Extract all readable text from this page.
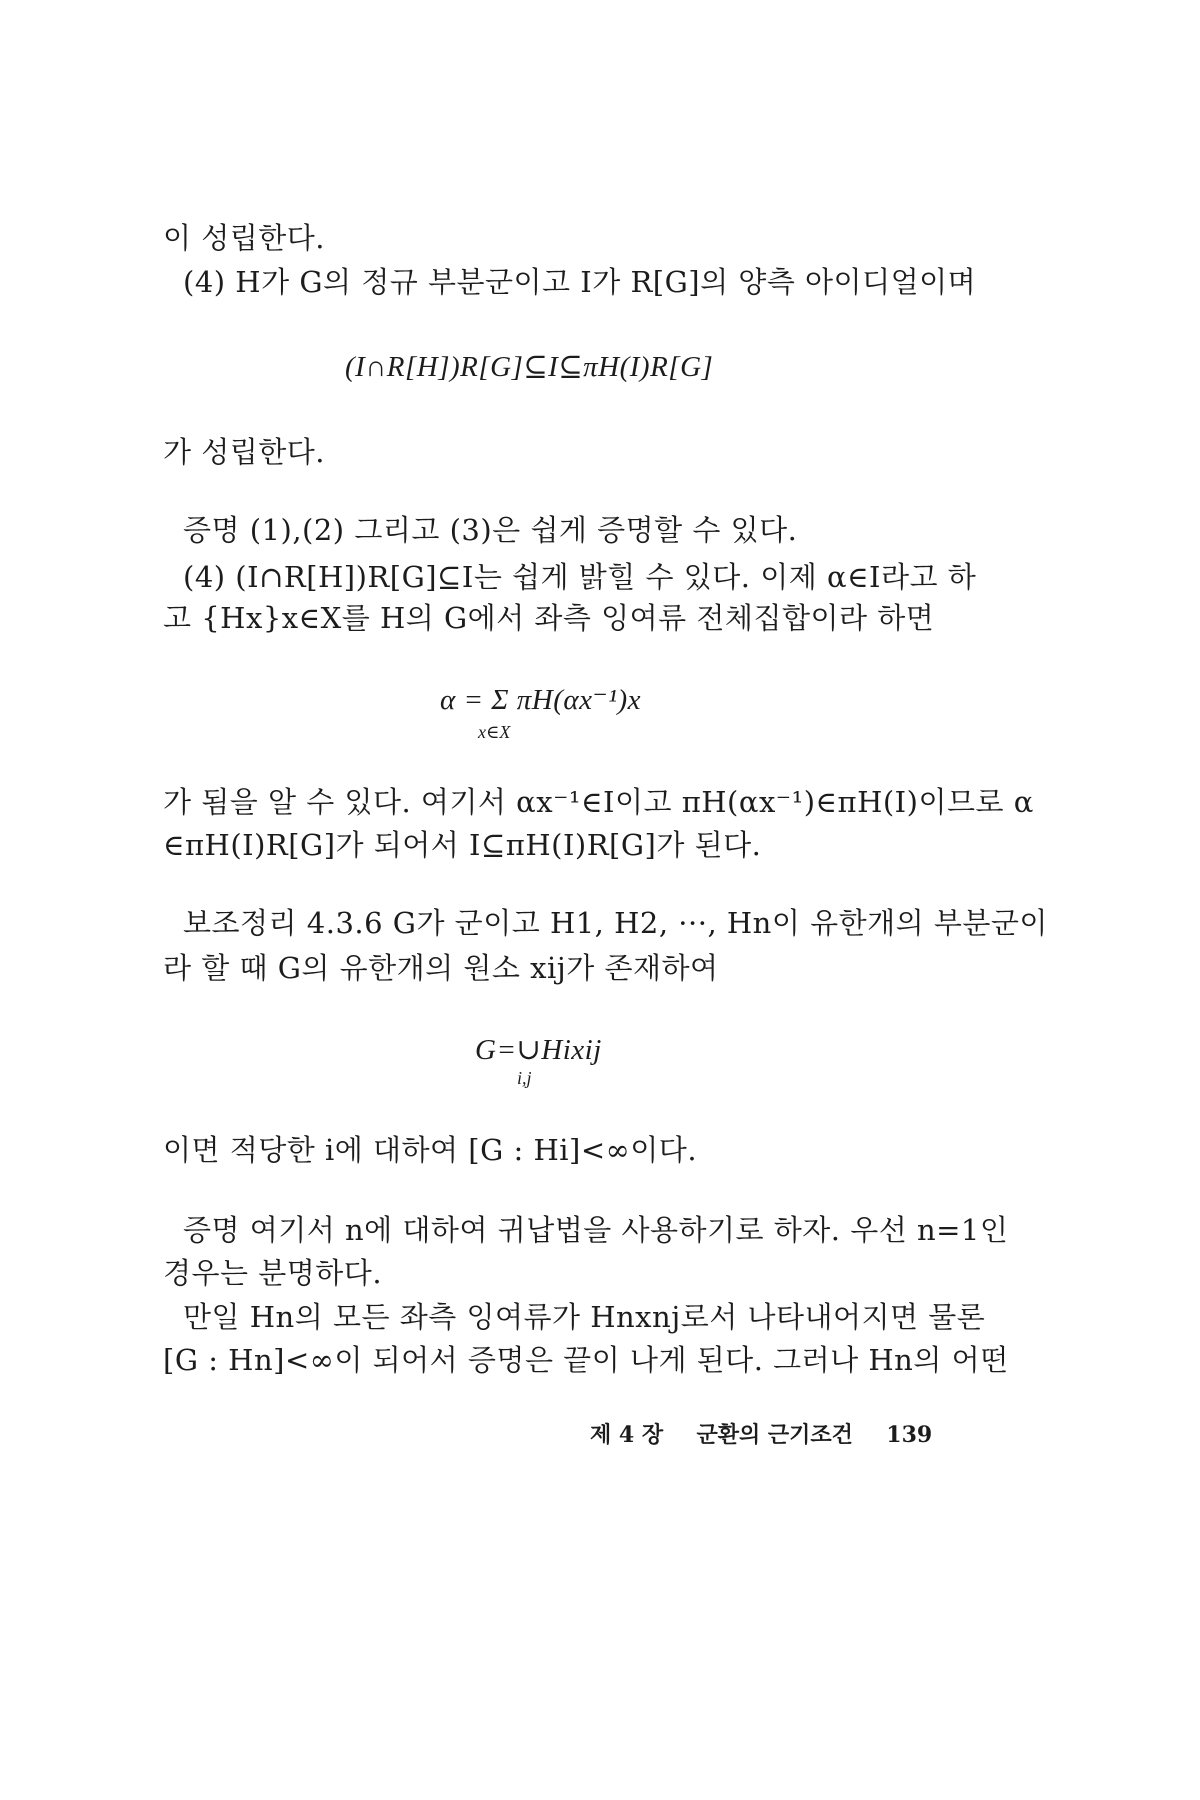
이 성립한다.
(4) H가 G의 정규 부분군이고 I가 R[G]의 양측 아이디얼이며
(I∩R[H])R[G]⊆I⊆πH(I)R[G]
가 성립한다.
증명 (1),(2) 그리고 (3)은 쉽게 증명할 수 있다.
(4) (I∩R[H])R[G]⊆I는 쉽게 밝힐 수 있다. 이제 α∈I라고 하
고 {Hx}x∈X를 H의 G에서 좌측 잉여류 전체집합이라 하면
α = Σ πH(αx⁻¹)x
x∈X
가 됨을 알 수 있다. 여기서 αx⁻¹∈I이고 πH(αx⁻¹)∈πH(I)이므로 α
∈πH(I)R[G]가 되어서 I⊆πH(I)R[G]가 된다.
보조정리 4.3.6 G가 군이고 H1, H2, ···, Hn이 유한개의 부분군이
라 할 때 G의 유한개의 원소 xij가 존재하여
G=∪Hixij
i,j
이면 적당한 i에 대하여 [G : Hi]<∞이다.
증명 여기서 n에 대하여 귀납법을 사용하기로 하자. 우선 n=1인
경우는 분명하다.
만일 Hn의 모든 좌측 잉여류가 Hnxnj로서 나타내어지면 물론
[G : Hn]<∞이 되어서 증명은 끝이 나게 된다. 그러나 Hn의 어떤
제 4 장 군환의 근기조건 139
